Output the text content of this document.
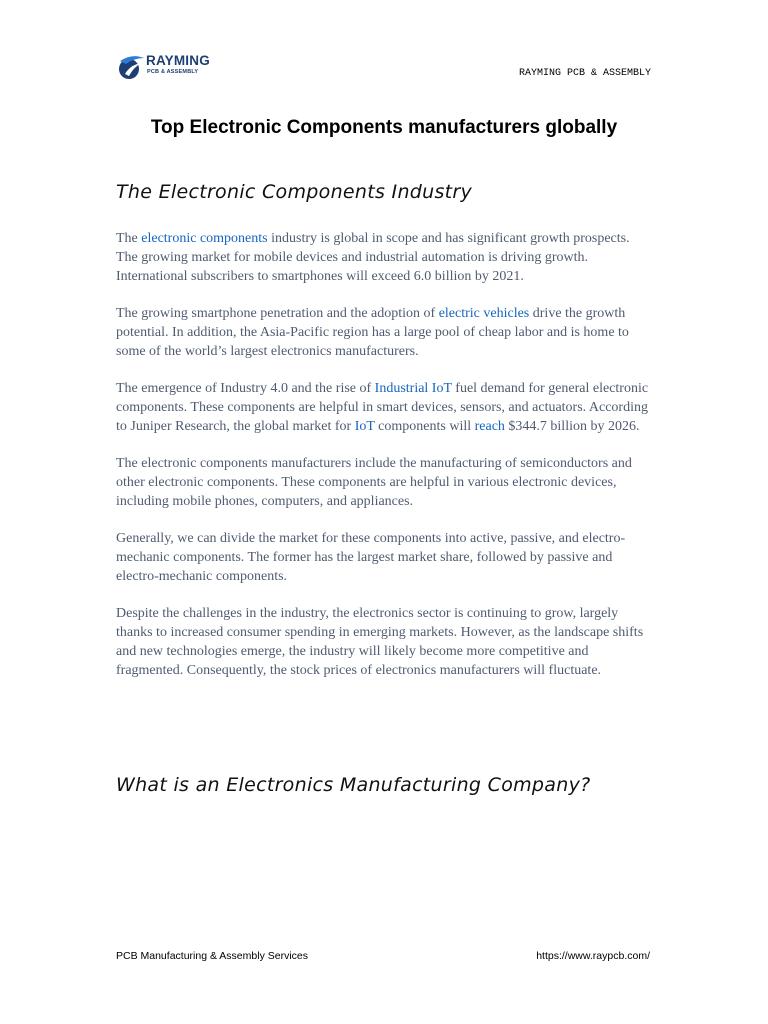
RAYMING
PCB & ASSEMBLY	RAYMING PCB & ASSEMBLY
Top Electronic Components manufacturers globally
The Electronic Components Industry

The electronic components industry is global in scope and has significant growth prospects. The growing market for mobile devices and industrial automation is driving growth. International subscribers to smartphones will exceed 6.0 billion by 2021.

The growing smartphone penetration and the adoption of electric vehicles drive the growth potential. In addition, the Asia-Pacific region has a large pool of cheap labor and is home to some of the world’s largest electronics manufacturers.

The emergence of Industry 4.0 and the rise of Industrial IoT fuel demand for general electronic components. These components are helpful in smart devices, sensors, and actuators. According to Juniper Research, the global market for IoT components will reach $344.7 billion by 2026.

The electronic components manufacturers include the manufacturing of semiconductors and other electronic components. These components are helpful in various electronic devices, including mobile phones, computers, and appliances.

Generally, we can divide the market for these components into active, passive, and electro-mechanic components. The former has the largest market share, followed by passive and electro-mechanic components.

Despite the challenges in the industry, the electronics sector is continuing to grow, largely thanks to increased consumer spending in emerging markets. However, as the landscape shifts and new technologies emerge, the industry will likely become more competitive and fragmented. Consequently, the stock prices of electronics manufacturers will fluctuate.

What is an Electronics Manufacturing Company?
PCB Manufacturing & Assembly Services	https://www.raypcb.com/
